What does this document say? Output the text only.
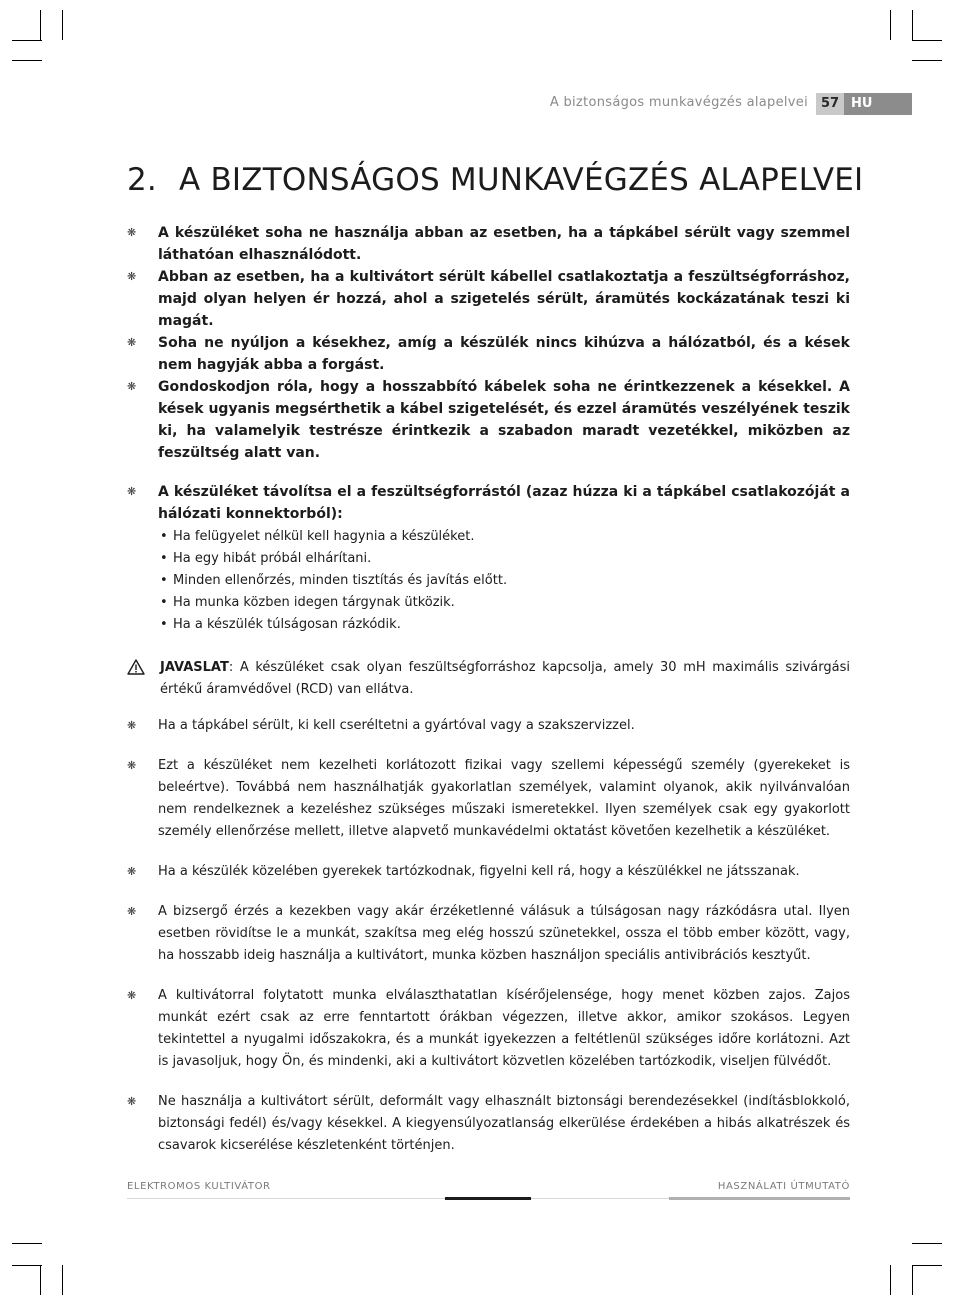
A biztonságos munkavégzés alapelvei 57 HU
2. A BIZTONSÁGOS MUNKAVÉGZÉS ALAPELVEI
❋ A készüléket soha ne használja abban az esetben, ha a tápkábel sérült vagy szemmel láthatóan elhasználódott.
❋ Abban az esetben, ha a kultivátort sérült kábellel csatlakoztatja a feszültségforráshoz, majd olyan helyen ér hozzá, ahol a szigetelés sérült, áramütés kockázatának teszi ki magát.
❋ Soha ne nyúljon a késekhez, amíg a készülék nincs kihúzva a hálózatból, és a kések nem hagyják abba a forgást.
❋ Gondoskodjon róla, hogy a hosszabbító kábelek soha ne érintkezzenek a késekkel. A kések ugyanis megsérthetik a kábel szigetelését, és ezzel áramütés veszélyének teszik ki, ha valamelyik testrésze érintkezik a szabadon maradt vezetékkel, miközben az feszültség alatt van.
❋ A készüléket távolítsa el a feszültségforrástól (azaz húzza ki a tápkábel csatlakozóját a hálózati konnektorból):
• Ha felügyelet nélkül kell hagynia a készüléket.
• Ha egy hibát próbál elhárítani.
• Minden ellenőrzés, minden tisztítás és javítás előtt.
• Ha munka közben idegen tárgynak ütközik.
• Ha a készülék túlságosan rázkódik.
JAVASLAT: A készüléket csak olyan feszültségforráshoz kapcsolja, amely 30 mH maximális szivárgási értékű áramvédővel (RCD) van ellátva.
❋ Ha a tápkábel sérült, ki kell cseréltetni a gyártóval vagy a szakszervizzel.
❋ Ezt a készüléket nem kezelheti korlátozott fizikai vagy szellemi képességű személy (gyerekeket is beleértve). Továbbá nem használhatják gyakorlatlan személyek, valamint olyanok, akik nyilvánvalóan nem rendelkeznek a kezeléshez szükséges műszaki ismeretekkel. Ilyen személyek csak egy gyakorlott személy ellenőrzése mellett, illetve alapvető munkavédelmi oktatást követően kezelhetik a készüléket.
❋ Ha a készülék közelében gyerekek tartózkodnak, figyelni kell rá, hogy a készülékkel ne játsszanak.
❋ A bizsergő érzés a kezekben vagy akár érzéketlenné válásuk a túlságosan nagy rázkódásra utal. Ilyen esetben rövidítse le a munkát, szakítsa meg elég hosszú szünetekkel, ossza el több ember között, vagy, ha hosszabb ideig használja a kultivátort, munka közben használjon speciális antivibrációs kesztyűt.
❋ A kultivátorral folytatott munka elválaszthatatlan kísérőjelensége, hogy menet közben zajos. Zajos munkát ezért csak az erre fenntartott órákban végezzen, illetve akkor, amikor szokásos. Legyen tekintettel a nyugalmi időszakokra, és a munkát igyekezzen a feltétlenül szükséges időre korlátozni. Azt is javasoljuk, hogy Ön, és mindenki, aki a kultivátort közvetlen közelében tartózkodik, viseljen fülvédőt.
❋ Ne használja a kultivátort sérült, deformált vagy elhasznált biztonsági berendezésekkel (indításblokkoló, biztonsági fedél) és/vagy késekkel. A kiegyensúlyozatlanság elkerülése érdekében a hibás alkatrészek és csavarok kicserélése készletenként történjen.
ELEKTROMOS KULTIVÁTOR	HASZNÁLATI ÚTMUTATÓ
